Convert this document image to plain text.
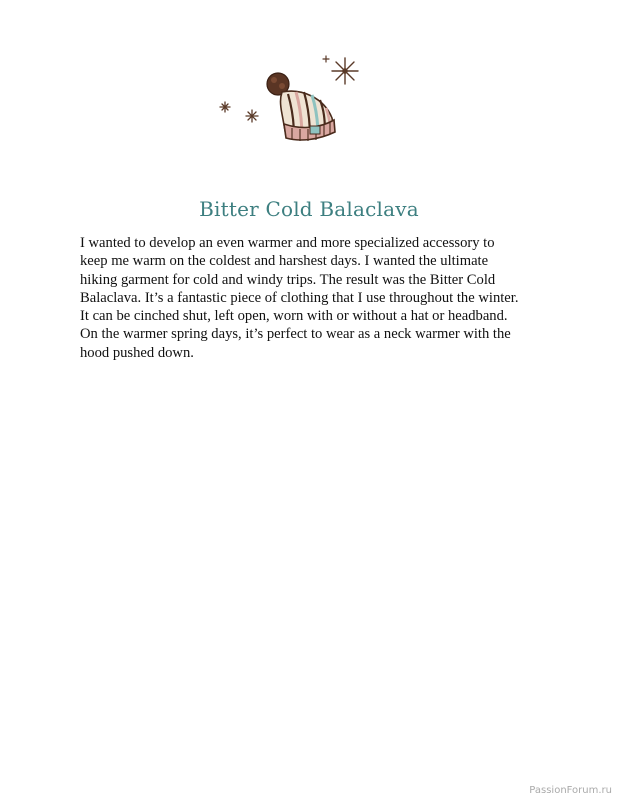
Bitter Cold Balaclava

I wanted to develop an even warmer and more specialized accessory to
keep me warm on the coldest and harshest days. I wanted the ultimate
hiking garment for cold and windy trips. The result was the Bitter Cold
Balaclava. It’s a fantastic piece of clothing that I use throughout the winter.
It can be cinched shut, left open, worn with or without a hat or headband.
On the warmer spring days, it’s perfect to wear as a neck warmer with the
hood pushed down.

PassionForum.ru
